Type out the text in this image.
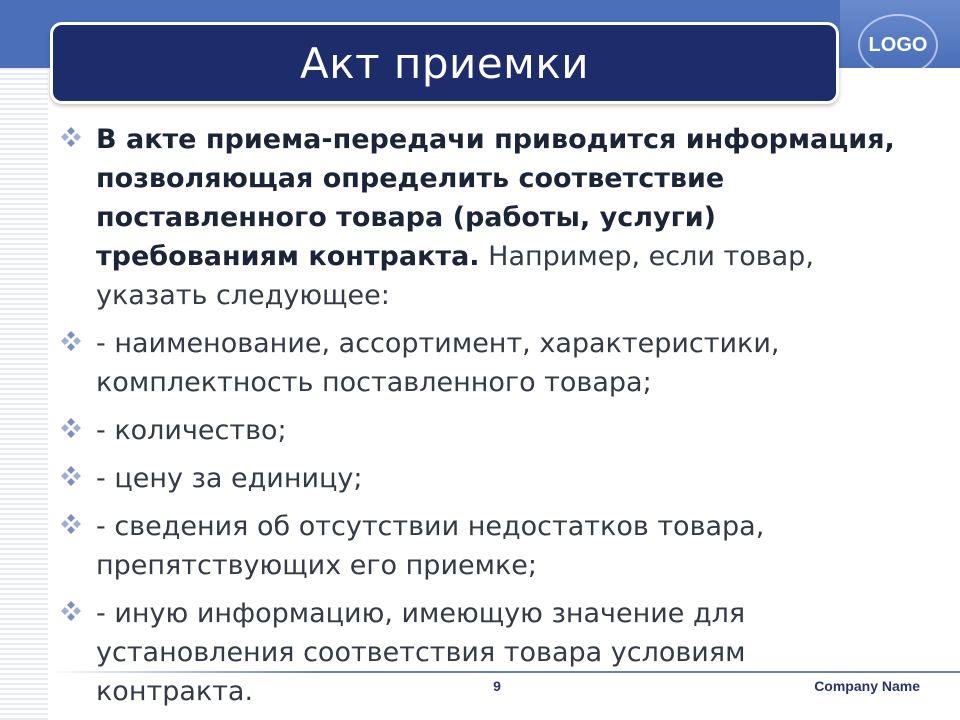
Акт приемки	LOGO
В акте приема-передачи приводится информация, позволяющая определить соответствие поставленного товара (работы, услуги) требованиям контракта. Например, если товар, указать следующее:
- наименование, ассортимент, характеристики, комплектность поставленного товара;
- количество;
- цену за единицу;
- сведения об отсутствии недостатков товара, препятствующих его приемке;
- иную информацию, имеющую значение для установления соответствия товара условиям контракта.	9	Company Name
